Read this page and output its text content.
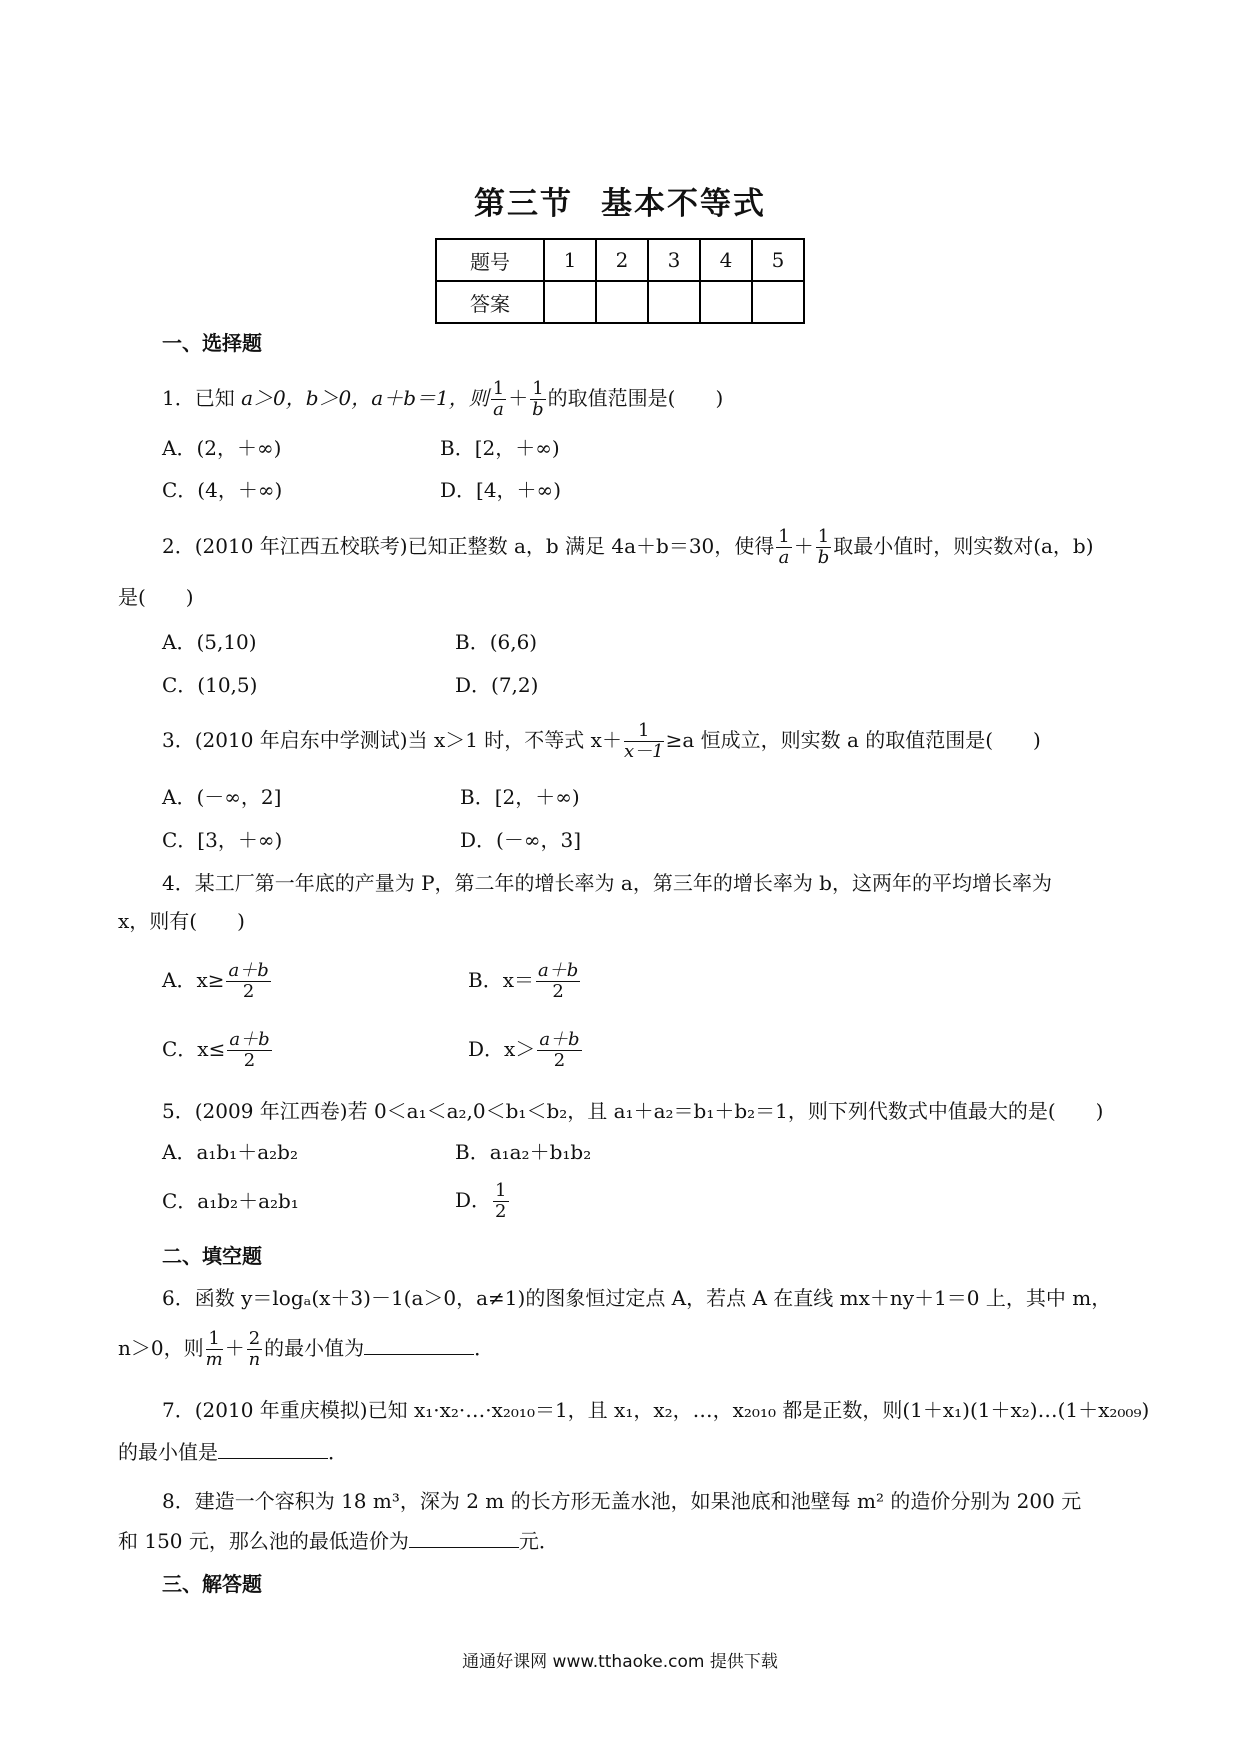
第三节 基本不等式
题号	1	2	3	4	5
答案					
一、选择题
1．已知 a＞0，b＞0，a＋b＝1，则 $\frac{1}{a} + \frac{1}{b}$ 的取值范围是(　　)
A．(2，＋∞)	B．[2，＋∞)
C．(4，＋∞)	D．[4，＋∞)
2．(2010 年江西五校联考)已知正整数 a，b 满足 4a＋b＝30，使得 $\frac{1}{a} + \frac{1}{b}$ 取最小值时，则实数对(a，b)
是(　　)
A．(5,10)	B．(6,6)
C．(10,5)	D．(7,2)
3．(2010 年启东中学测试)当 x＞1 时，不等式 $x+ \frac{1}{x-1} \ge a$ 恒成立，则实数 a 的取值范围是(　　)
A．(－∞，2]	B．[2，＋∞)
C．[3，＋∞)	D．(－∞，3]
4．某工厂第一年底的产量为 P，第二年的增长率为 a，第三年的增长率为 b，这两年的平均增长率为
x，则有(　　)
A．$x\ge \frac{a+b}{2}$	B．$x= \frac{a+b}{2}$
C．$x\le \frac{a+b}{2}$	D．$x> \frac{a+b}{2}$
5．(2009 年江西卷)若 0＜a₁＜a₂,0＜b₁＜b₂，且 a₁＋a₂＝b₁＋b₂＝1，则下列代数式中值最大的是(　　)
A．a₁b₁＋a₂b₂	B．a₁a₂＋b₁b₂
C．a₁b₂＋a₂b₁	D． $\frac{1}{2}$
二、填空题
6．函数 y＝logₐ(x＋3)－1(a＞0，a≠1)的图象恒过定点 A，若点 A 在直线 mx＋ny＋1＝0 上，其中 m，
n＞0，则 $\frac{1}{m} + \frac{2}{n}$ 的最小值为	．
7．(2010 年重庆模拟)已知 x₁·x₂·…·x₂₀₁₀＝1，且 x₁，x₂，…，x₂₀₁₀ 都是正数，则(1＋x₁)(1＋x₂)…(1＋x₂₀₀₉)
的最小值是	．
8．建造一个容积为 18 m³，深为 2 m 的长方形无盖水池，如果池底和池壁每 m² 的造价分别为 200 元
和 150 元，那么池的最低造价为	元．
三、解答题
通通好课网 www.tthaoke.com 提供下载
